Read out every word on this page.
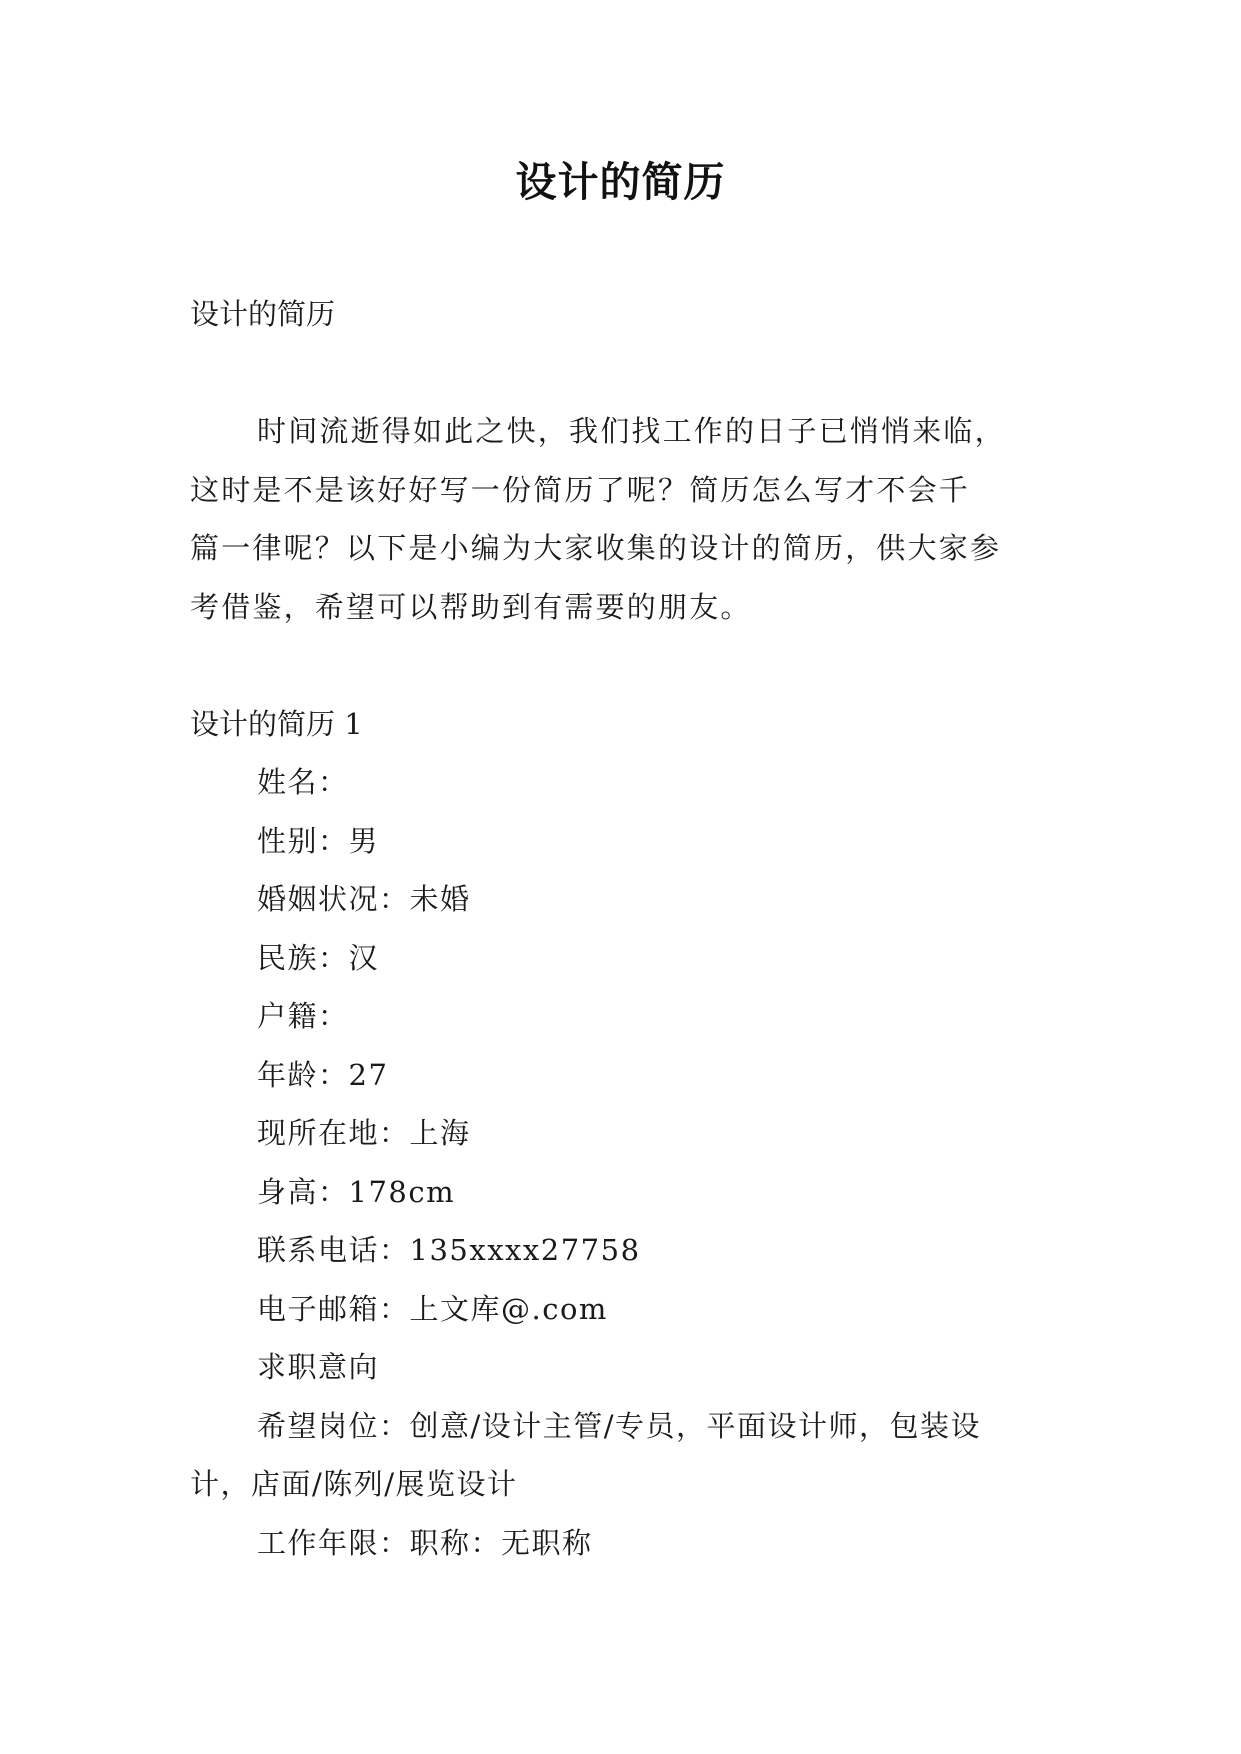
设计的简历
设计的简历
时间流逝得如此之快，我们找工作的日子已悄悄来临，
这时是不是该好好写一份简历了呢？简历怎么写才不会千
篇一律呢？以下是小编为大家收集的设计的简历，供大家参
考借鉴，希望可以帮助到有需要的朋友。
设计的简历 1
姓名：
性别：男
婚姻状况：未婚
民族：汉
户籍：
年龄：27
现所在地：上海
身高：178cm
联系电话：135xxxx27758
电子邮箱：上文库@.com
求职意向
希望岗位：创意/设计主管/专员，平面设计师，包装设
计，店面/陈列/展览设计
工作年限：职称：无职称
